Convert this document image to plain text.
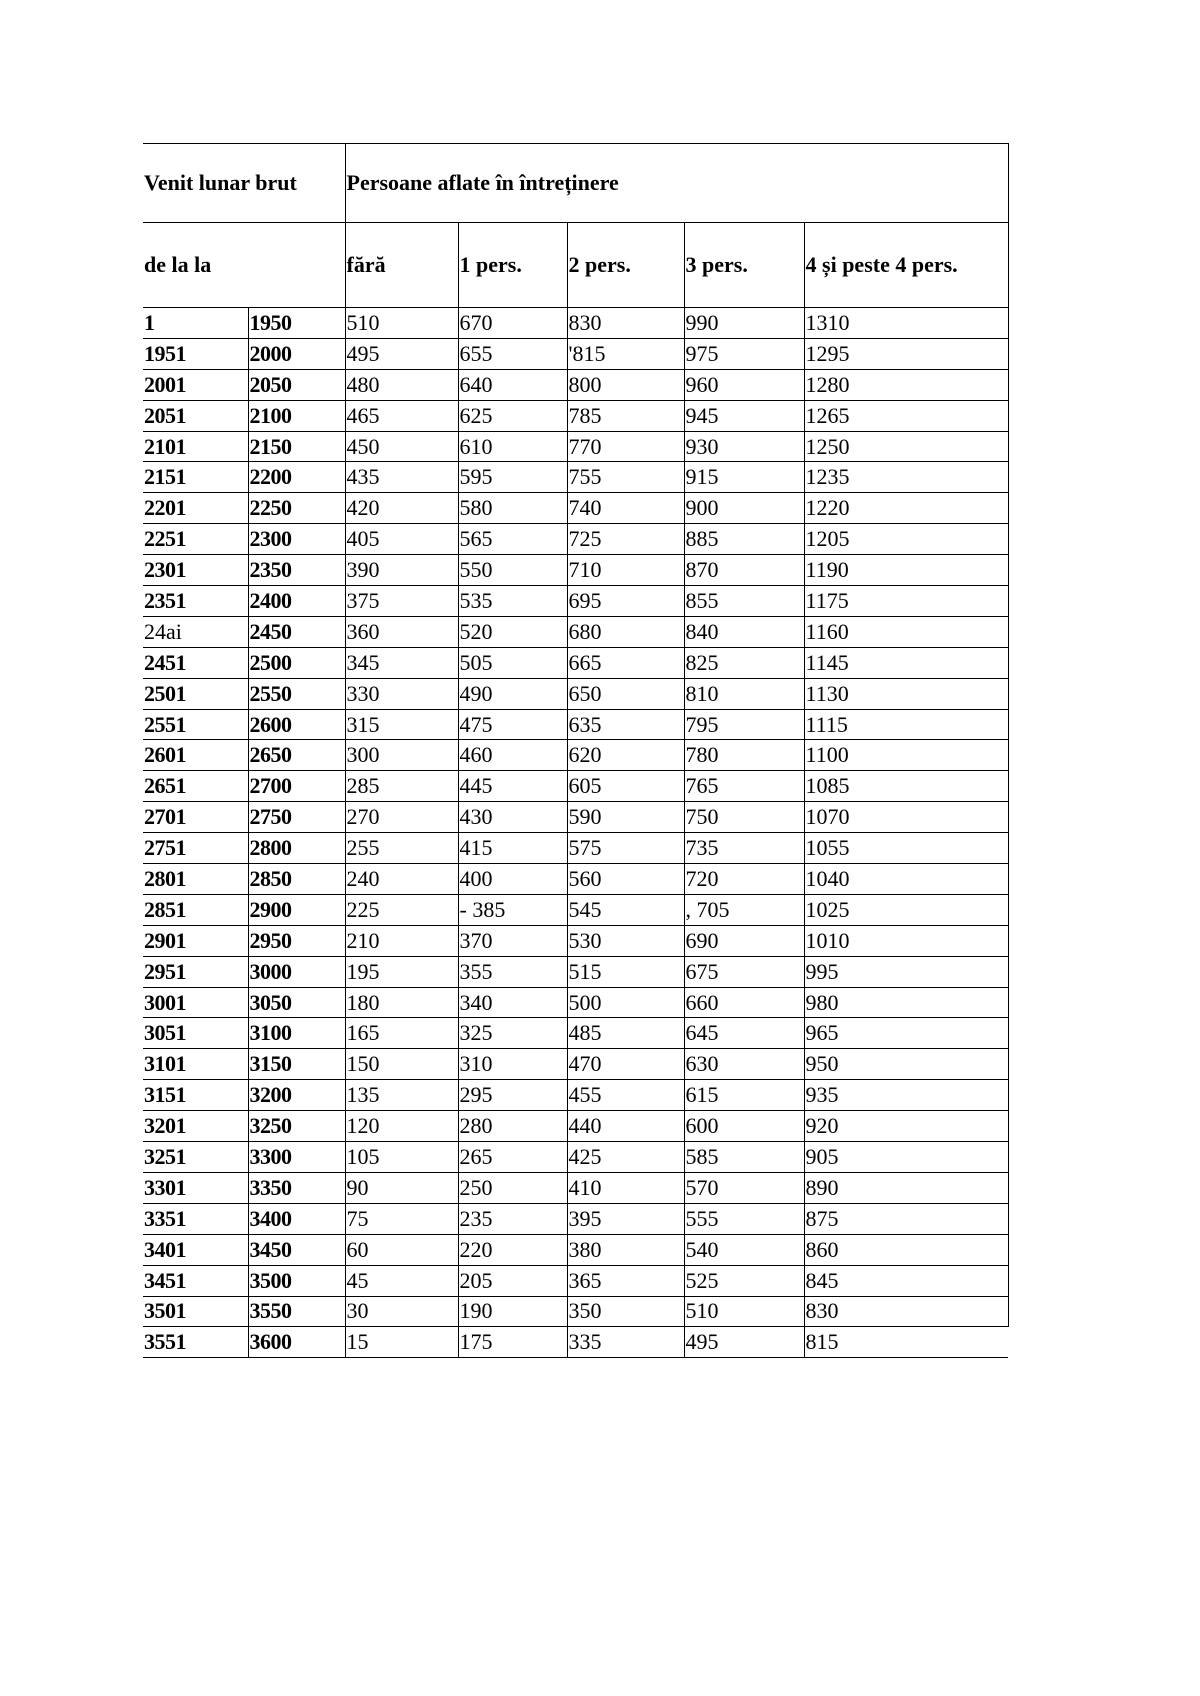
Venit lunar brut		Persoane aflate în întreținere				
de la la		fără	1 pers.	2 pers.	3 pers.	4 și peste 4 pers.
1	1950	510	670	830	990	1310
1951	2000	495	655	'815	975	1295
2001	2050	480	640	800	960	1280
2051	2100	465	625	785	945	1265
2101	2150	450	610	770	930	1250
2151	2200	435	595	755	915	1235
2201	2250	420	580	740	900	1220
2251	2300	405	565	725	885	1205
2301	2350	390	550	710	870	1190
2351	2400	375	535	695	855	1175
24ai	2450	360	520	680	840	1160
2451	2500	345	505	665	825	1145
2501	2550	330	490	650	810	1130
2551	2600	315	475	635	795	1115
2601	2650	300	460	620	780	1100
2651	2700	285	445	605	765	1085
2701	2750	270	430	590	750	1070
2751	2800	255	415	575	735	1055
2801	2850	240	400	560	720	1040
2851	2900	225	- 385	545	, 705	1025
2901	2950	210	370	530	690	1010
2951	3000	195	355	515	675	995
3001	3050	180	340	500	660	980
3051	3100	165	325	485	645	965
3101	3150	150	310	470	630	950
3151	3200	135	295	455	615	935
3201	3250	120	280	440	600	920
3251	3300	105	265	425	585	905
3301	3350	90	250	410	570	890
3351	3400	75	235	395	555	875
3401	3450	60	220	380	540	860
3451	3500	45	205	365	525	845
3501	3550	30	190	350	510	830
3551	3600	15	175	335	495	815
